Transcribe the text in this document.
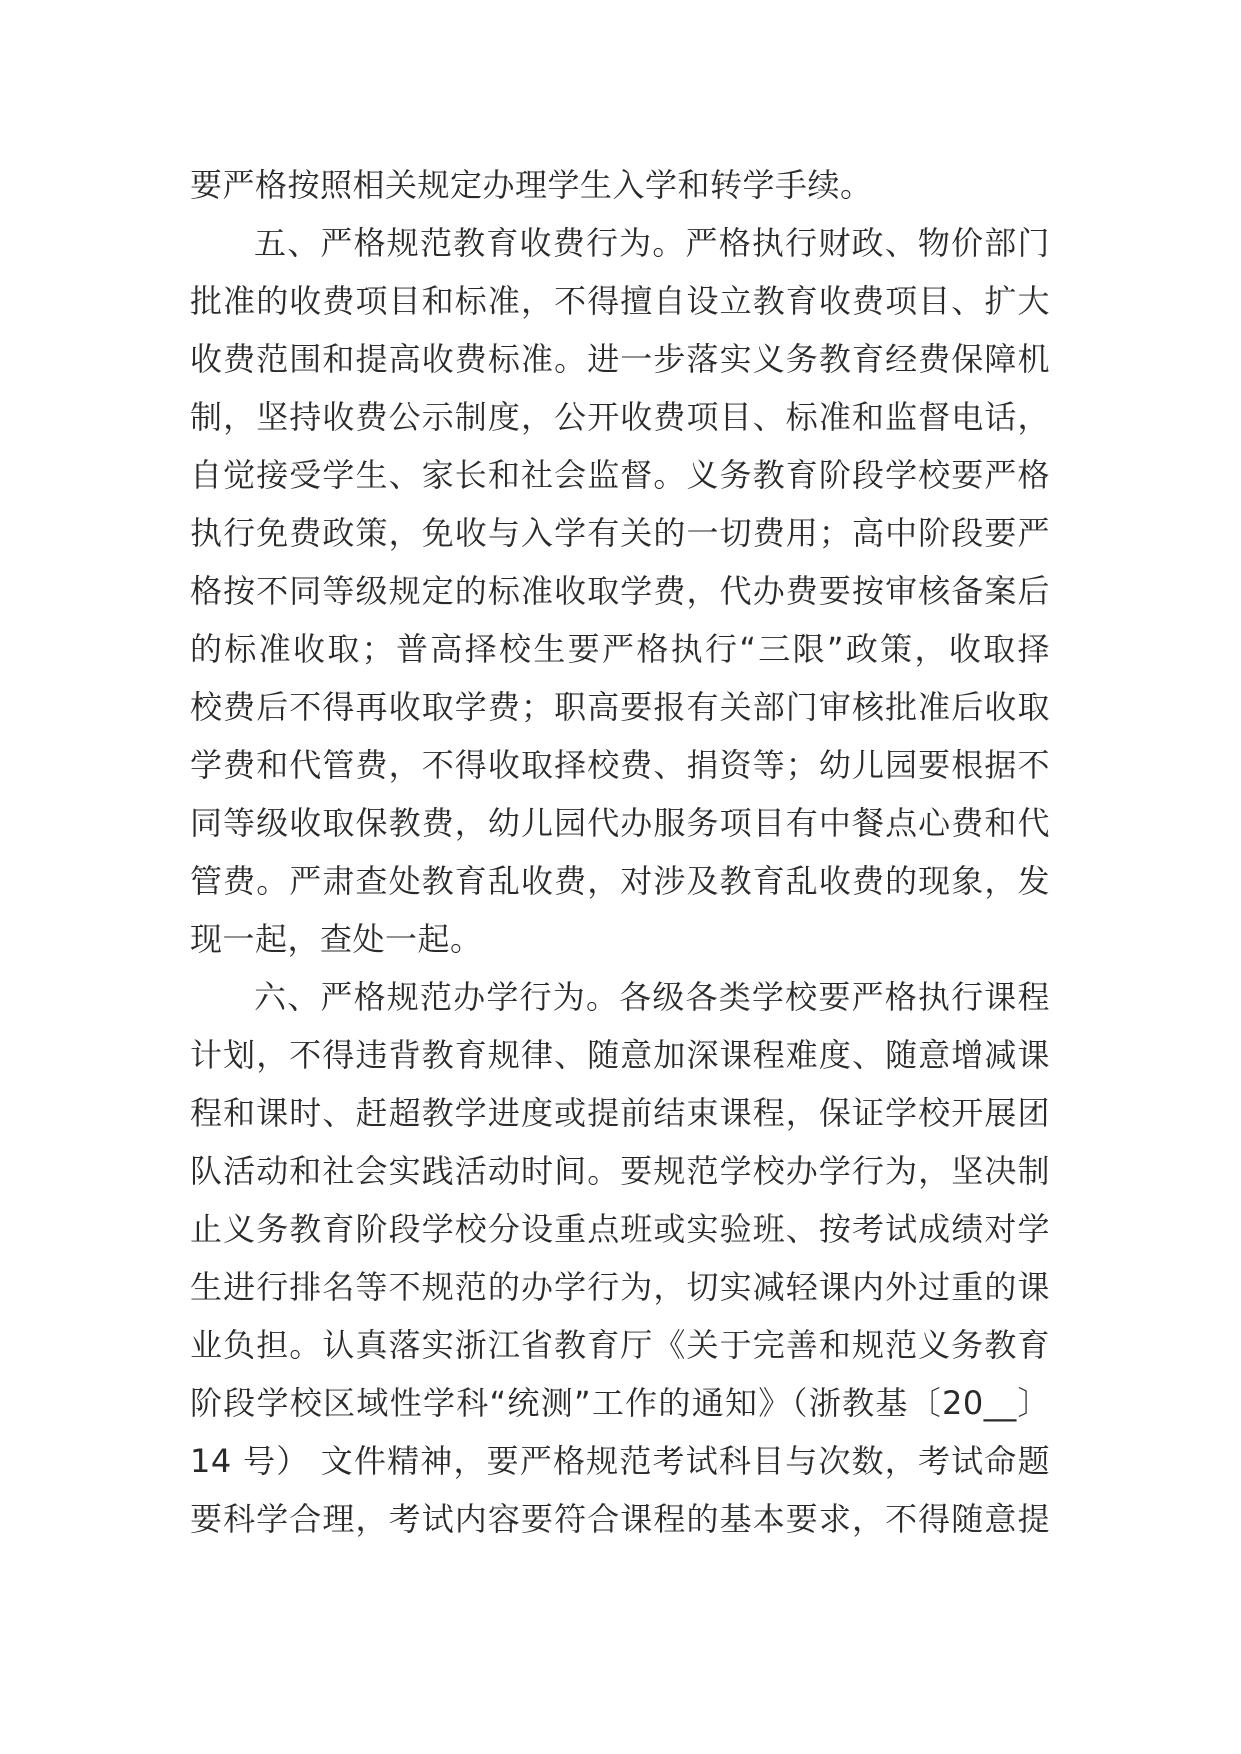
要严格按照相关规定办理学生入学和转学手续。
五、严格规范教育收费行为。严格执行财政、物价部门
批准的收费项目和标准，不得擅自设立教育收费项目、扩大
收费范围和提高收费标准。进一步落实义务教育经费保障机
制，坚持收费公示制度，公开收费项目、标准和监督电话，
自觉接受学生、家长和社会监督。义务教育阶段学校要严格
执行免费政策，免收与入学有关的一切费用；高中阶段要严
格按不同等级规定的标准收取学费，代办费要按审核备案后
的标准收取；普高择校生要严格执行“三限”政策，收取择
校费后不得再收取学费；职高要报有关部门审核批准后收取
学费和代管费，不得收取择校费、捐资等；幼儿园要根据不
同等级收取保教费，幼儿园代办服务项目有中餐点心费和代
管费。严肃查处教育乱收费，对涉及教育乱收费的现象，发
现一起，查处一起。
六、严格规范办学行为。各级各类学校要严格执行课程
计划，不得违背教育规律、随意加深课程难度、随意增减课
程和课时、赶超教学进度或提前结束课程，保证学校开展团
队活动和社会实践活动时间。要规范学校办学行为，坚决制
止义务教育阶段学校分设重点班或实验班、按考试成绩对学
生进行排名等不规范的办学行为，切实减轻课内外过重的课
业负担。认真落实浙江省教育厅《关于完善和规范义务教育
阶段学校区域性学科“统测”工作的通知》（浙教基〔20__〕
14 号） 文件精神，要严格规范考试科目与次数，考试命题
要科学合理，考试内容要符合课程的基本要求，不得随意提
